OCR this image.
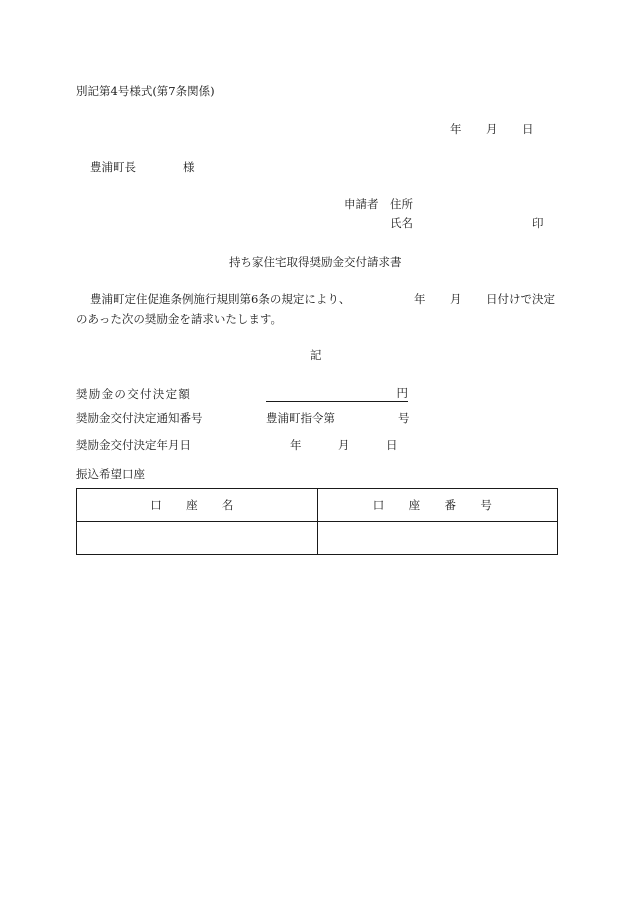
別記第4号様式(第7条関係)
年 月 日
豊浦町長	様
申請者 住所
氏名	印
持ち家住宅取得奨励金交付請求書
豊浦町定住促進条例施行規則第6条の規定により、	年 月 日付けで決定
のあった次の奨励金を請求いたします。
記
奨励金の交付決定額	円
奨励金交付決定通知番号	豊浦町指令第	号
奨励金交付決定年月日	年	月	日
振込希望口座
口 座 名	口 座 番 号
